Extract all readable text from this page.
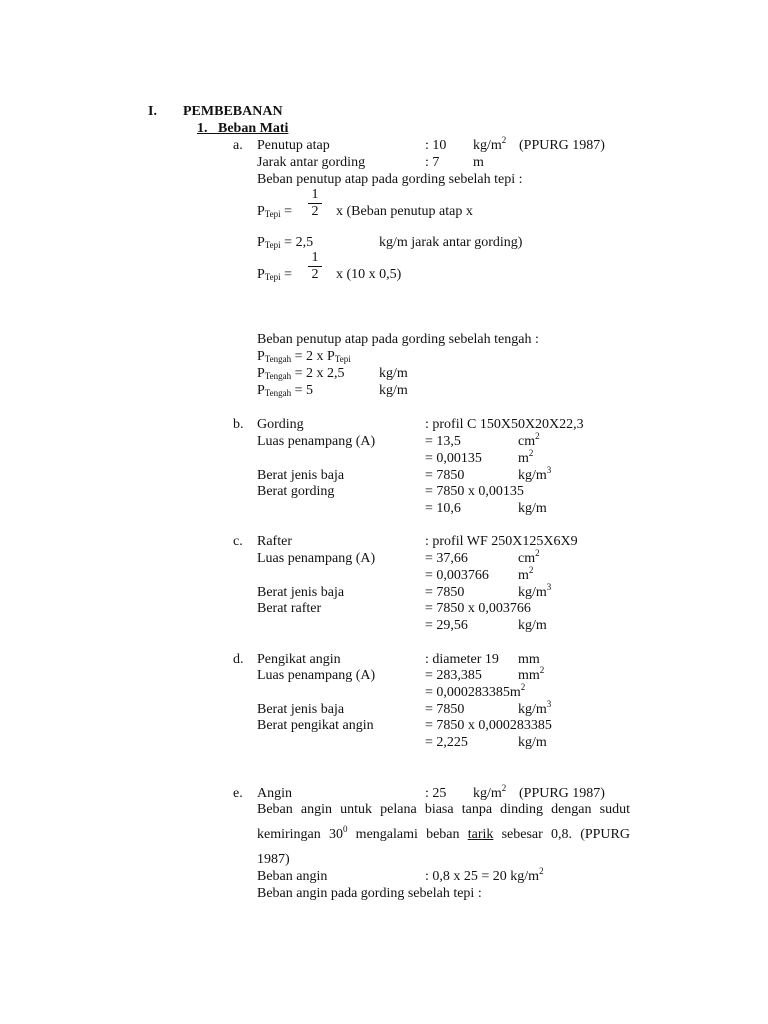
I. PEMBEBANAN
1. Beban Mati
a. Penutup atap	: 10 $kg/m^2$ (PPURG 1987)
Jarak antar gording	: 7 m
Beban penutup atap pada gording sebelah tepi :
$P_{Tepi} = \frac{1}{2}$ x (Beban penutup atap x
$P_{Tepi} = 2,5$	kg/m jarak antar gording)
$P_{Tepi} = \frac{1}{2}$ x (10 x 0,5)
Beban penutup atap pada gording sebelah tengah :
$P_{Tengah} = 2$ x $P_{Tepi}$
$P_{Tengah} = 2$ x 2,5 kg/m
$P_{Tengah} = 5$	kg/m
b. Gording	: profil C 150X50X20X22,3
Luas penampang (A)	= 13,5	$cm^2$
= 0,00135	$m^2$
Berat jenis baja	= 7850	$kg/m^3$
Berat gording	= 7850 x 0,00135
= 10,6	kg/m
c. Rafter	: profil WF 250X125X6X9
Luas penampang (A)	= 37,66	$cm^2$
= 0,003766 $m^2$
Berat jenis baja	= 7850	$kg/m^3$
Berat rafter	= 7850 x 0,003766
= 29,56	kg/m
d. Pengikat angin	: diameter 19 mm
Luas penampang (A)	= 283,385	$mm^2$
= $0,000283385m^2$
Berat jenis baja	= 7850	$kg/m^3$
Berat pengikat angin	= 7850 x 0,000283385
= 2,225	kg/m
e. Angin	: 25 $kg/m^2$ (PPURG 1987)
Beban angin untuk pelana biasa tanpa dinding dengan sudut
kemiringan $30^0$ mengalami beban tarik sebesar 0,8. (PPURG
1987)
Beban angin	: 0,8 x 25 = 20 $kg/m^2$
Beban angin pada gording sebelah tepi :
